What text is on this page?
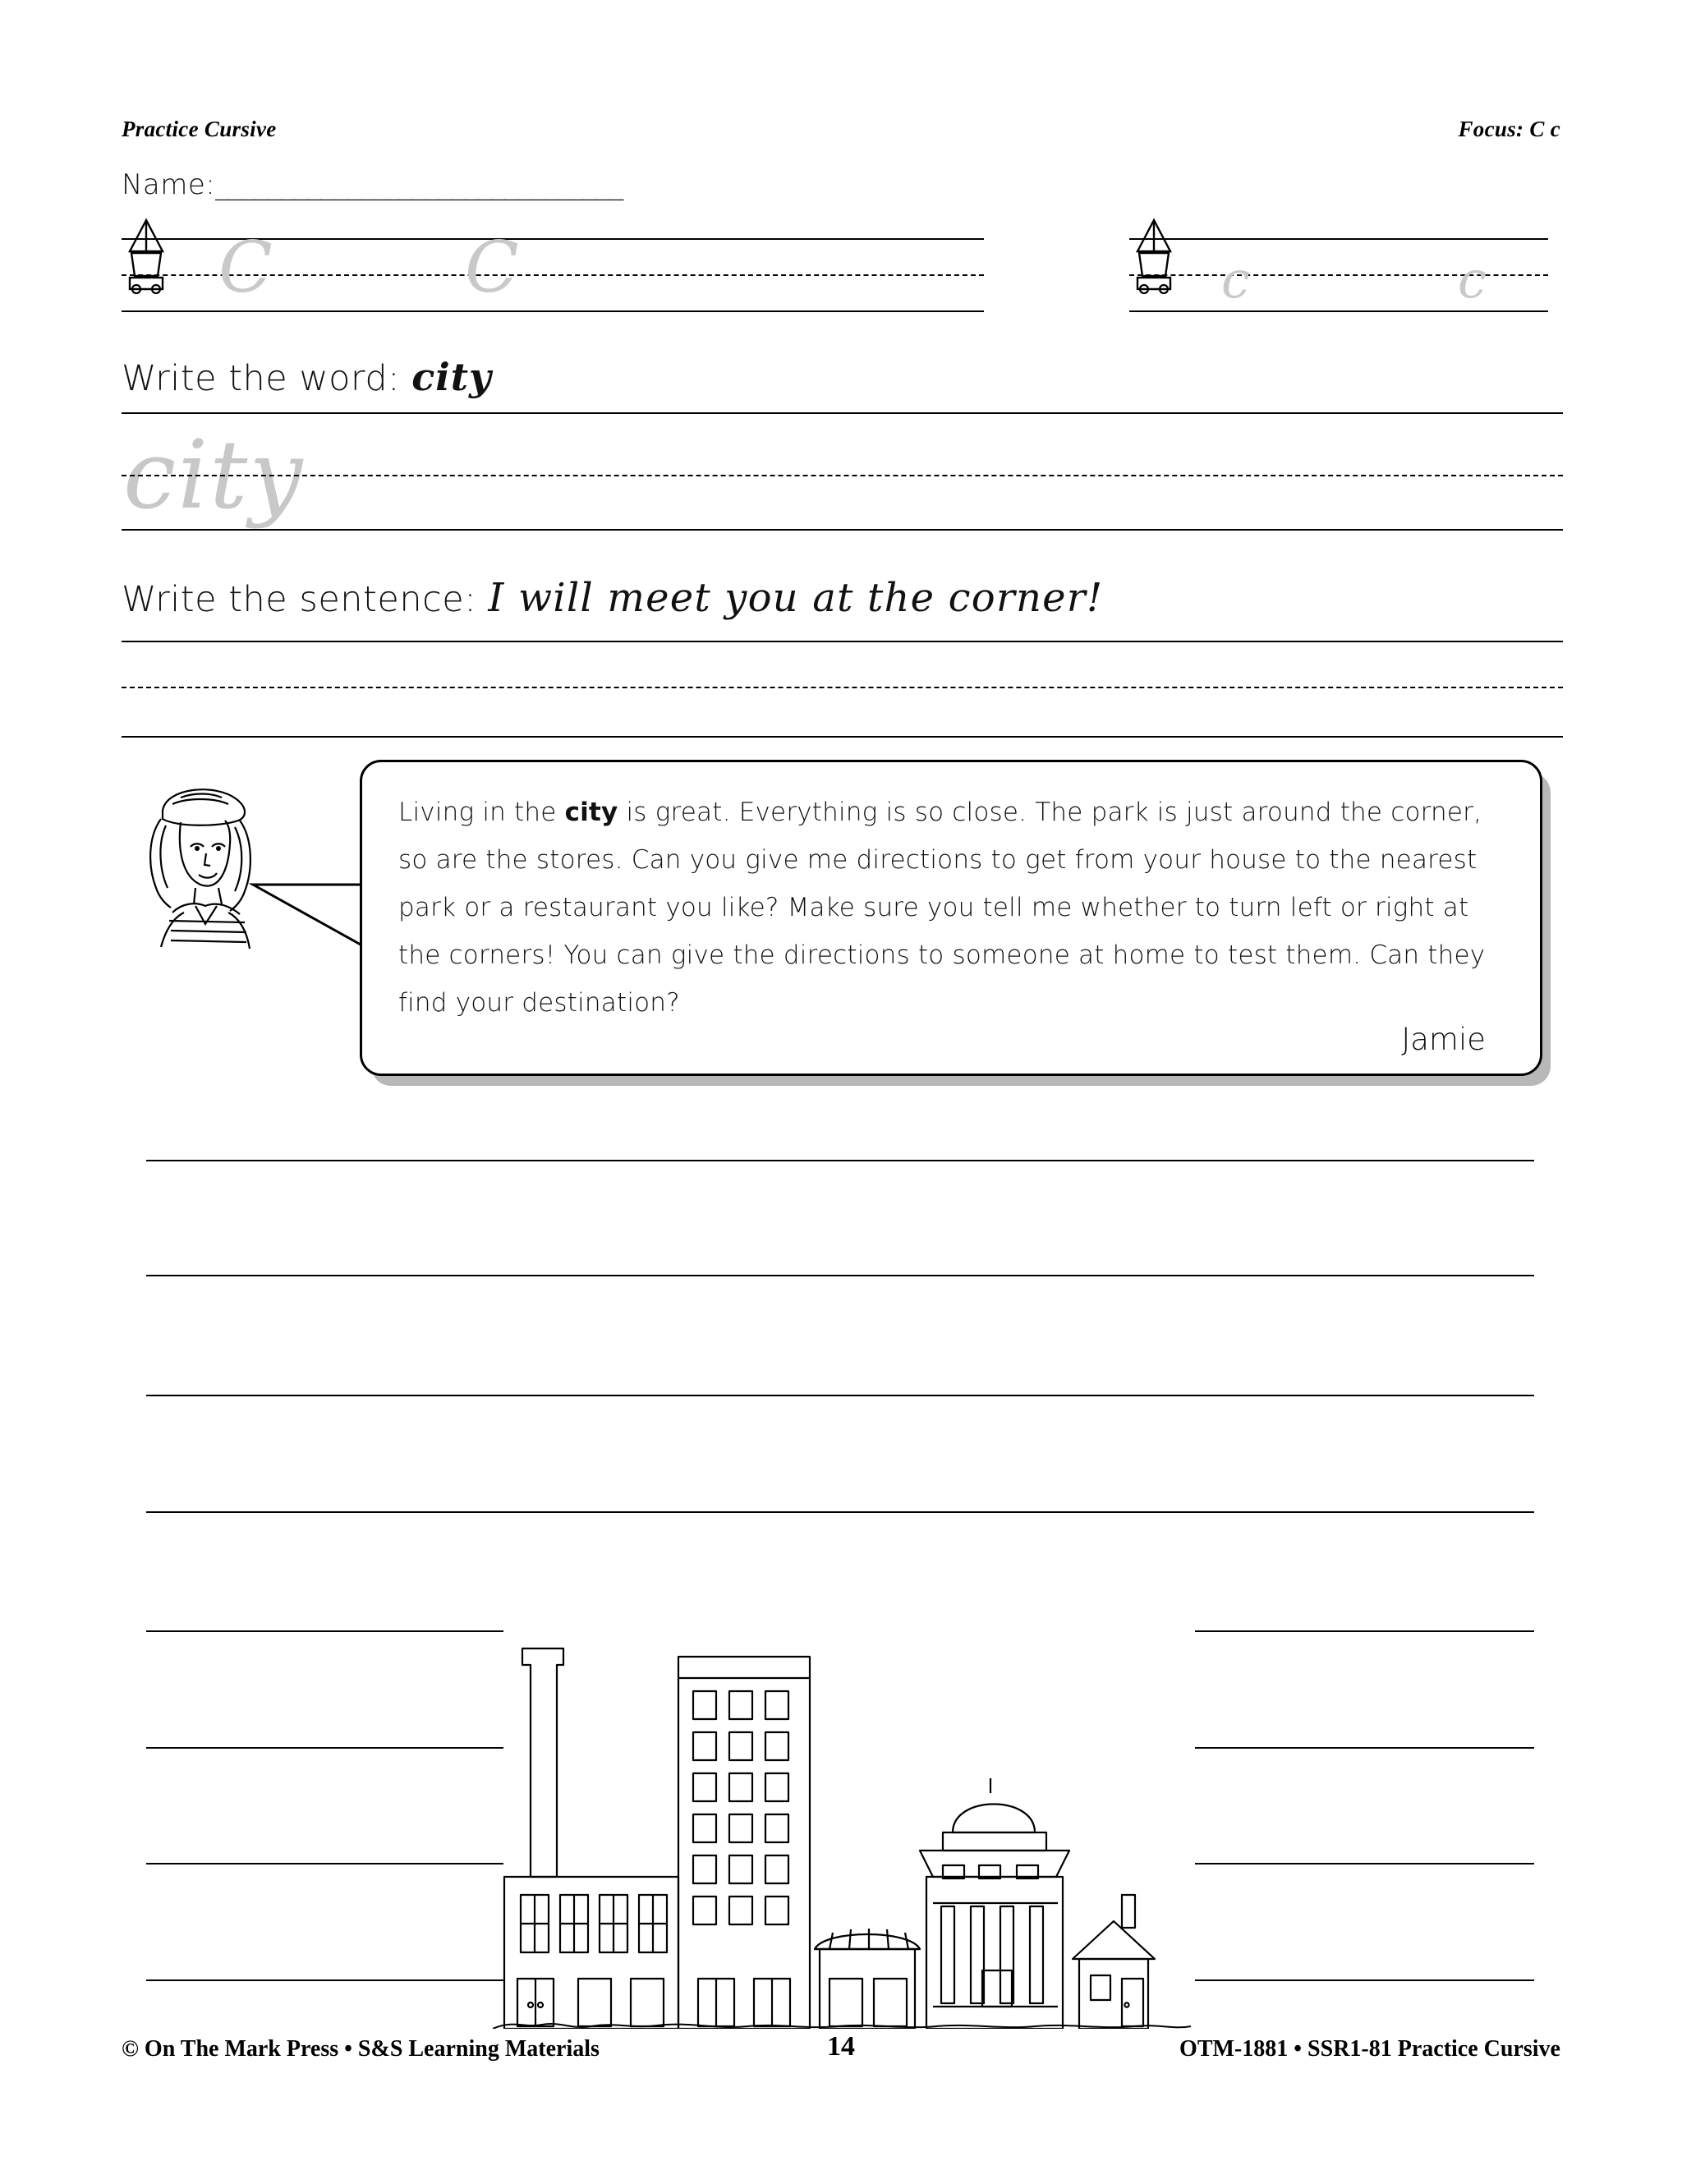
Practice Cursive	Focus: C c
Name:_______________________________
C	C	c	c
Write the word: city
city
Write the sentence: I will meet you at the corner!
Living in the city is great. Everything is so close. The park is just around the corner, so are the stores. Can you give me directions to get from your house to the nearest park or a restaurant you like? Make sure you tell me whether to turn left or right at the corners! You can give the directions to someone at home to test them. Can they find your destination?
Jamie
© On The Mark Press • S&S Learning Materials	14	OTM-1881 • SSR1-81 Practice Cursive
